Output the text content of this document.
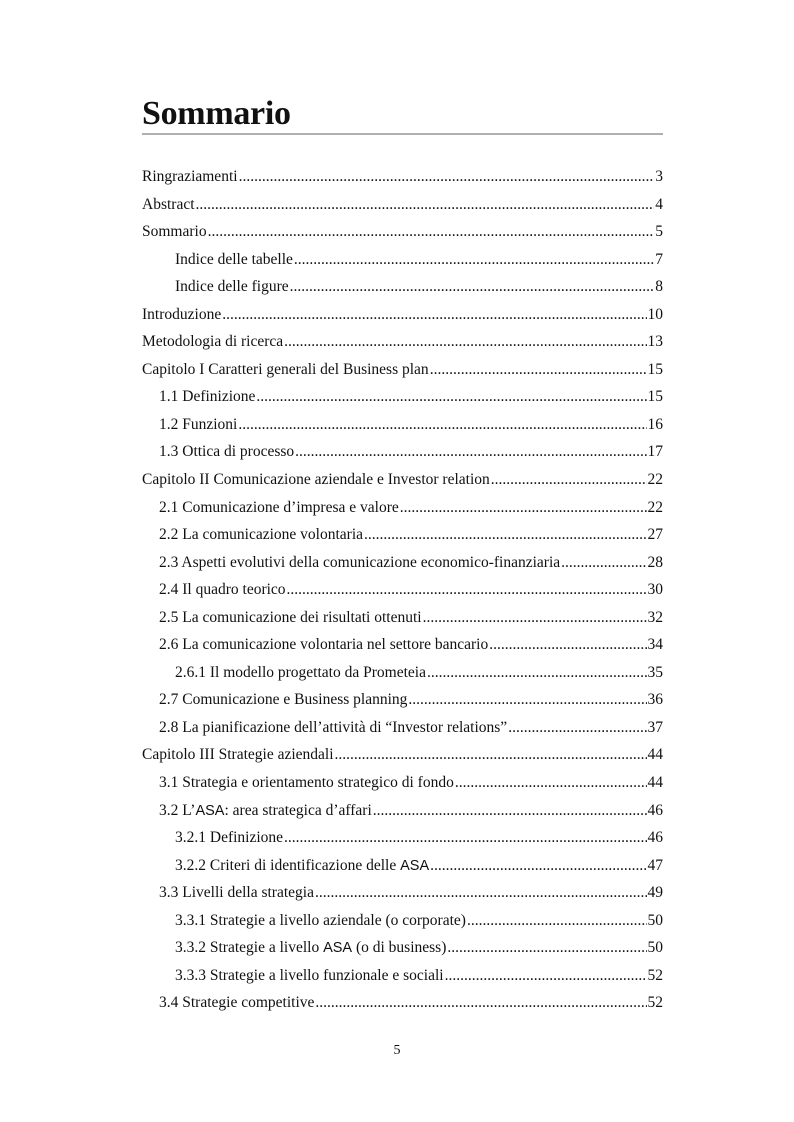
Sommario
Ringraziamenti .....	3
Abstract .....	4
Sommario .....	5
Indice delle tabelle .....	7
Indice delle figure .....	8
Introduzione .....	10
Metodologia di ricerca .....	13
Capitolo I Caratteri generali del Business plan .....	15
1.1 Definizione .....	15
1.2 Funzioni .....	16
1.3 Ottica di processo .....	17
Capitolo II Comunicazione aziendale e Investor relation .....	22
2.1 Comunicazione d’impresa e valore .....	22
2.2 La comunicazione volontaria .....	27
2.3 Aspetti evolutivi della comunicazione economico-finanziaria .....	28
2.4 Il quadro teorico .....	30
2.5 La comunicazione dei risultati ottenuti .....	32
2.6 La comunicazione volontaria nel settore bancario .....	34
2.6.1 Il modello progettato da Prometeia .....	35
2.7 Comunicazione e Business planning .....	36
2.8 La pianificazione dell’attività di “Investor relations” .....	37
Capitolo III Strategie aziendali .....	44
3.1 Strategia e orientamento strategico di fondo .....	44
3.2 L’ASA: area strategica d’affari .....	46
3.2.1 Definizione .....	46
3.2.2 Criteri di identificazione delle ASA .....	47
3.3 Livelli della strategia .....	49
3.3.1 Strategie a livello aziendale (o corporate) .....	50
3.3.2 Strategie a livello ASA (o di business) .....	50
3.3.3 Strategie a livello funzionale e sociali .....	52
3.4 Strategie competitive .....	52
5
